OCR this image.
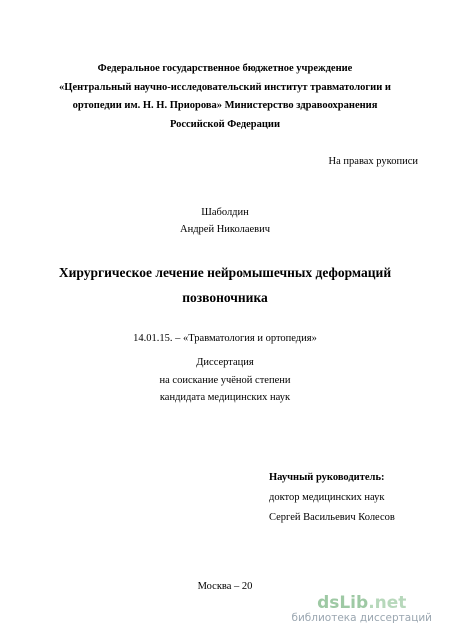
Федеральное государственное бюджетное учреждение
«Центральный научно-исследовательский институт травматологии и
ортопедии им. Н. Н. Приорова» Министерство здравоохранения
Российской Федерации
На правах рукописи
Шаболдин
Андрей Николаевич
Хирургическое лечение нейромышечных деформаций
позвоночника
14.01.15. – «Травматология и ортопедия»
Диссертация
на соискание учёной степени
кандидата медицинских наук
Научный руководитель:
доктор медицинских наук
Сергей Васильевич Колесов
Москва – 20
dsLib.net
библиотека диссертаций
